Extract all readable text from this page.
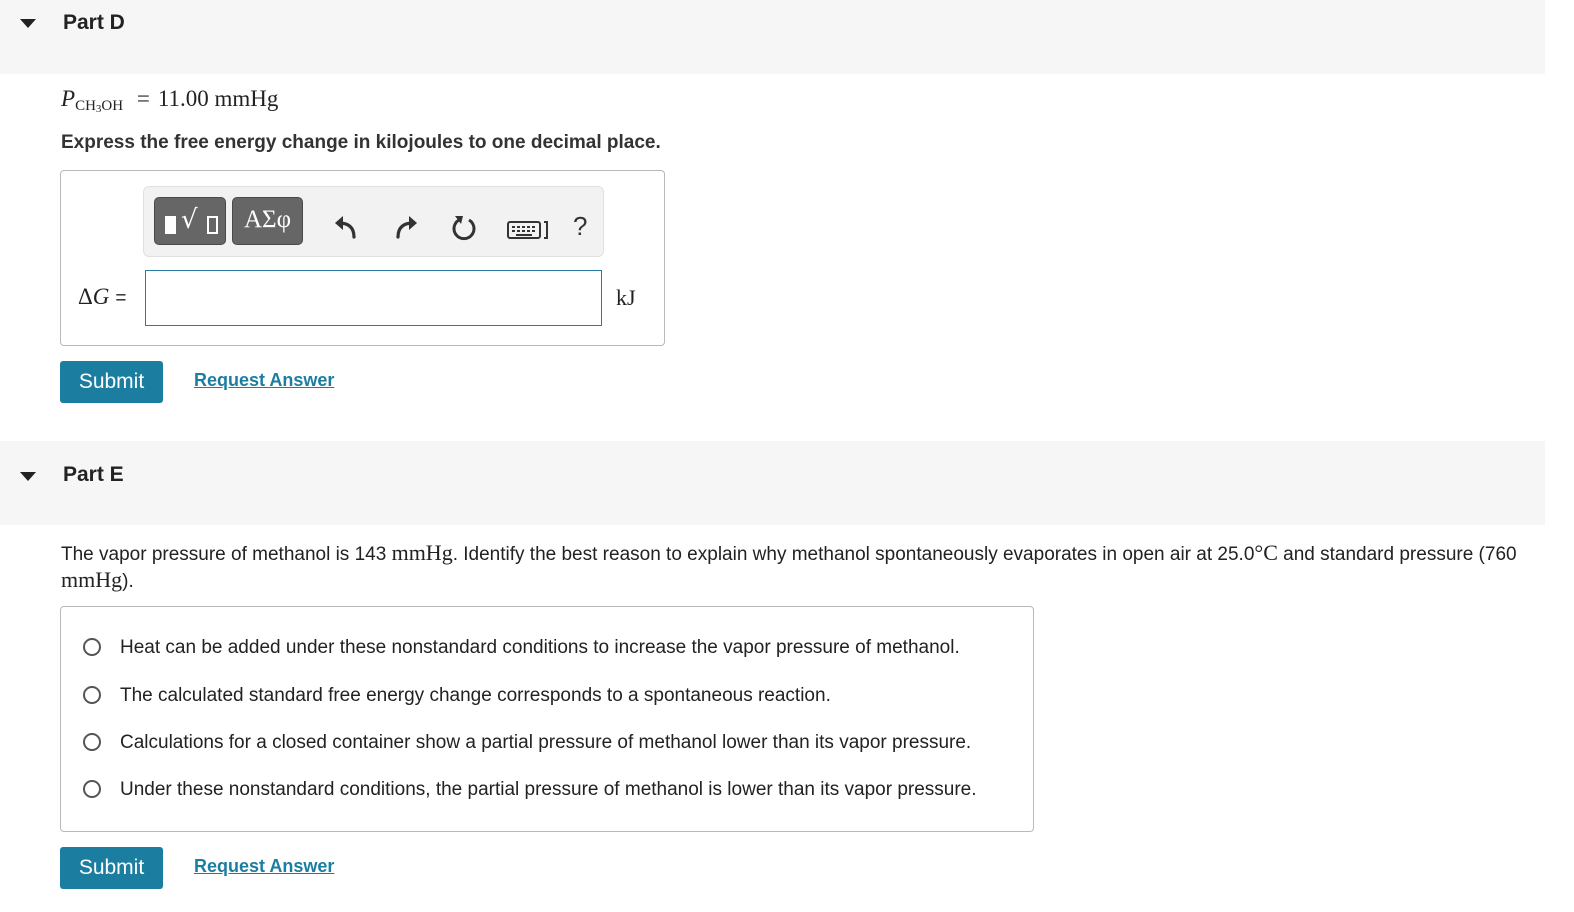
Part D
$P_{CH3OH} = 11.00$ mmHg
Express the free energy change in kilojoules to one decimal place.
√	ΑΣφ	?
ΔG =	kJ
Submit	Request Answer
Part E
The vapor pressure of methanol is 143 mmHg. Identify the best reason to explain why methanol spontaneously evaporates in open air at 25.0°C and standard pressure (760 mmHg).
Heat can be added under these nonstandard conditions to increase the vapor pressure of methanol.
The calculated standard free energy change corresponds to a spontaneous reaction.
Calculations for a closed container show a partial pressure of methanol lower than its vapor pressure.
Under these nonstandard conditions, the partial pressure of methanol is lower than its vapor pressure.
Submit	Request Answer
